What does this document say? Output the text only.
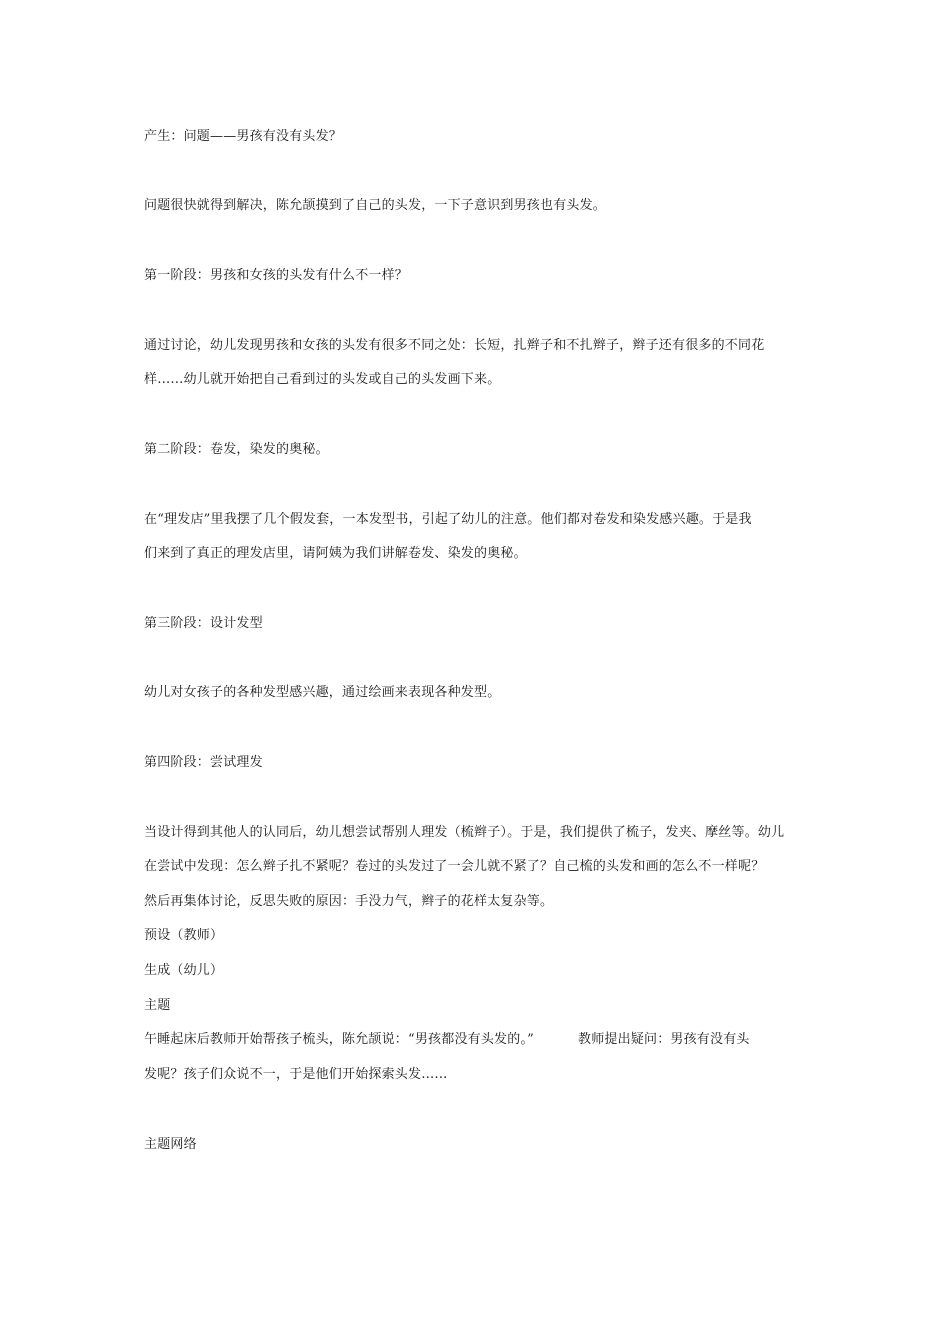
产生：问题——男孩有没有头发？
问题很快就得到解决，陈允颉摸到了自己的头发，一下子意识到男孩也有头发。
第一阶段：男孩和女孩的头发有什么不一样？
通过讨论，幼儿发现男孩和女孩的头发有很多不同之处：长短，扎辫子和不扎辫子，辫子还有很多的不同花
样……幼儿就开始把自己看到过的头发或自己的头发画下来。
第二阶段：卷发，染发的奥秘。
在“理发店”里我摆了几个假发套，一本发型书，引起了幼儿的注意。他们都对卷发和染发感兴趣。于是我
们来到了真正的理发店里，请阿姨为我们讲解卷发、染发的奥秘。
第三阶段：设计发型
幼儿对女孩子的各种发型感兴趣，通过绘画来表现各种发型。
第四阶段：尝试理发
当设计得到其他人的认同后，幼儿想尝试帮别人理发（梳辫子）。于是，我们提供了梳子，发夹、摩丝等。幼儿
在尝试中发现：怎么辫子扎不紧呢？卷过的头发过了一会儿就不紧了？自己梳的头发和画的怎么不一样呢？
然后再集体讨论，反思失败的原因：手没力气，辫子的花样太复杂等。
预设（教师）
生成（幼儿）
主题
午睡起床后教师开始帮孩子梳头，陈允颉说：“男孩都没有头发的。”	教师提出疑问：男孩有没有头
发呢？孩子们众说不一，于是他们开始探索头发……
主题网络
